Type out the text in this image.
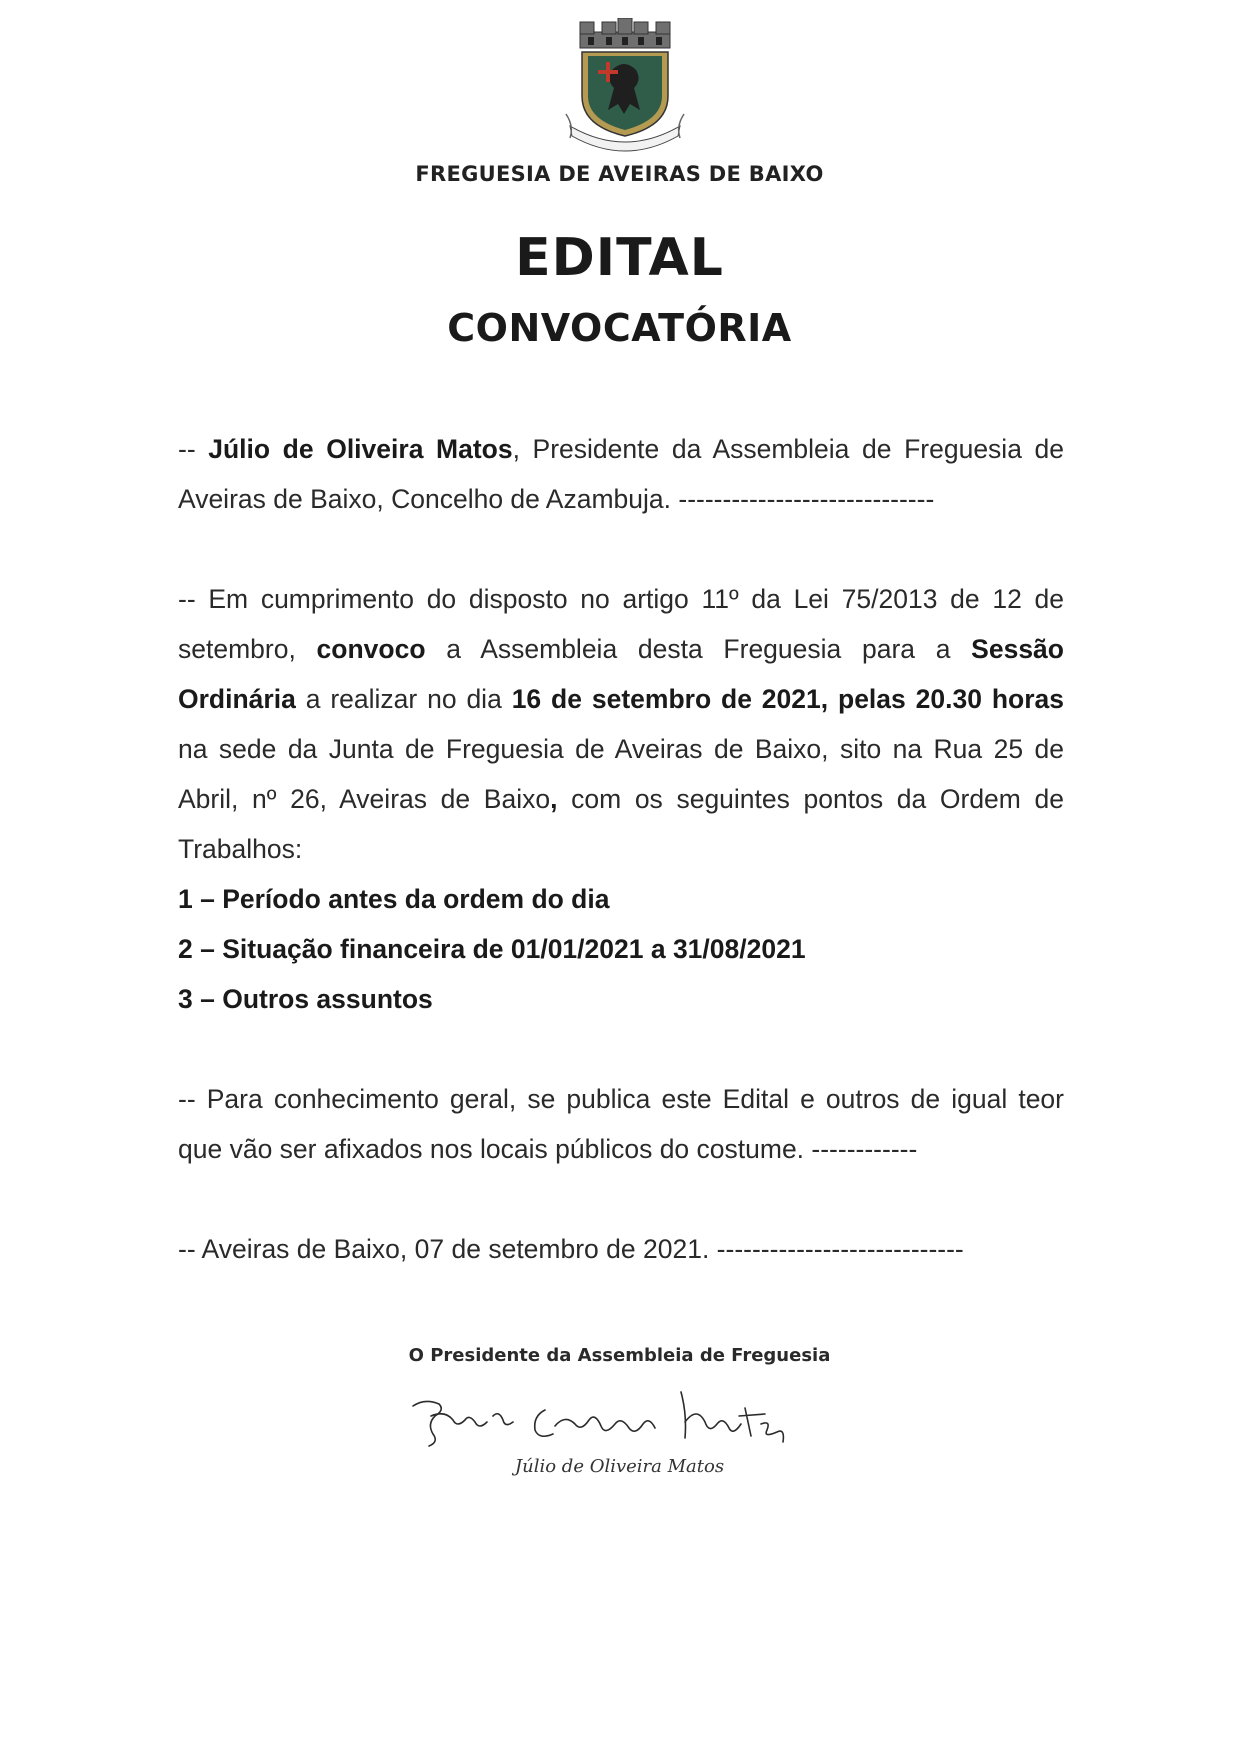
FREGUESIA DE AVEIRAS DE BAIXO
EDITAL
CONVOCATÓRIA

-- Júlio de Oliveira Matos, Presidente da Assembleia de Freguesia de Aveiras de Baixo, Concelho de Azambuja. -----------------------------

-- Em cumprimento do disposto no artigo 11º da Lei 75/2013 de 12 de setembro, convoco a Assembleia desta Freguesia para a Sessão Ordinária a realizar no dia 16 de setembro de 2021, pelas 20.30 horas na sede da Junta de Freguesia de Aveiras de Baixo, sito na Rua 25 de Abril, nº 26, Aveiras de Baixo, com os seguintes pontos da Ordem de Trabalhos:

1 – Período antes da ordem do dia
2 – Situação financeira de 01/01/2021 a 31/08/2021
3 – Outros assuntos

-- Para conhecimento geral, se publica este Edital e outros de igual teor que vão ser afixados nos locais públicos do costume. ------------

-- Aveiras de Baixo, 07 de setembro de 2021. ----------------------------

O Presidente da Assembleia de Freguesia
Júlio de Oliveira Matos
